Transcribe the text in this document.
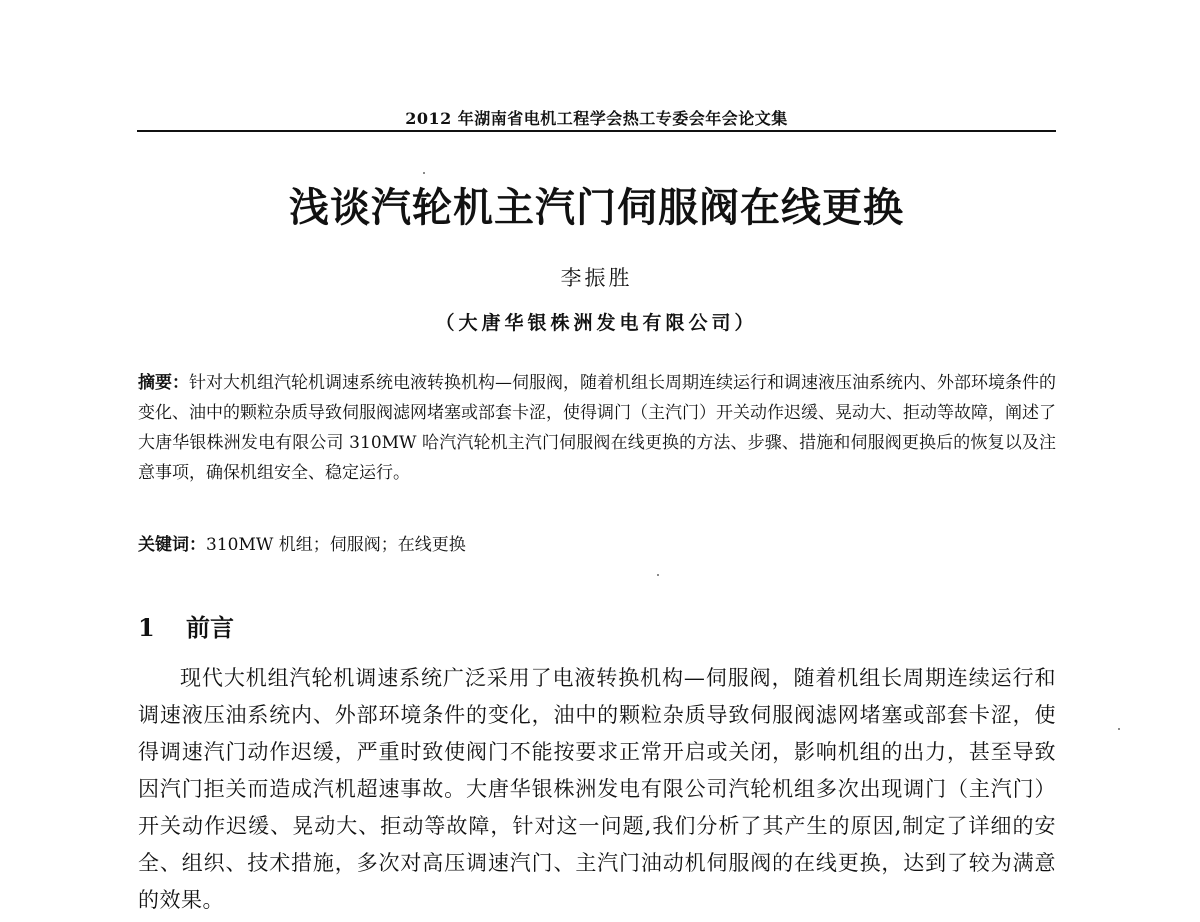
2012 年湖南省电机工程学会热工专委会年会论文集
浅谈汽轮机主汽门伺服阀在线更换
李振胜
（大唐华银株洲发电有限公司）
摘要：针对大机组汽轮机调速系统电液转换机构—伺服阀，随着机组长周期连续运行和调速液压油系统内、外部环境条件的变化、油中的颗粒杂质导致伺服阀滤网堵塞或部套卡涩，使得调门（主汽门）开关动作迟缓、晃动大、拒动等故障，阐述了大唐华银株洲发电有限公司 310MW 哈汽汽轮机主汽门伺服阀在线更换的方法、步骤、措施和伺服阀更换后的恢复以及注意事项，确保机组安全、稳定运行。
关键词：310MW 机组；伺服阀；在线更换
1 前言
现代大机组汽轮机调速系统广泛采用了电液转换机构—伺服阀，随着机组长周期连续运行和调速液压油系统内、外部环境条件的变化，油中的颗粒杂质导致伺服阀滤网堵塞或部套卡涩，使得调速汽门动作迟缓，严重时致使阀门不能按要求正常开启或关闭，影响机组的出力，甚至导致因汽门拒关而造成汽机超速事故。大唐华银株洲发电有限公司汽轮机组多次出现调门（主汽门）开关动作迟缓、晃动大、拒动等故障，针对这一问题,我们分析了其产生的原因,制定了详细的安全、组织、技术措施，多次对高压调速汽门、主汽门油动机伺服阀的在线更换，达到了较为满意的效果。
